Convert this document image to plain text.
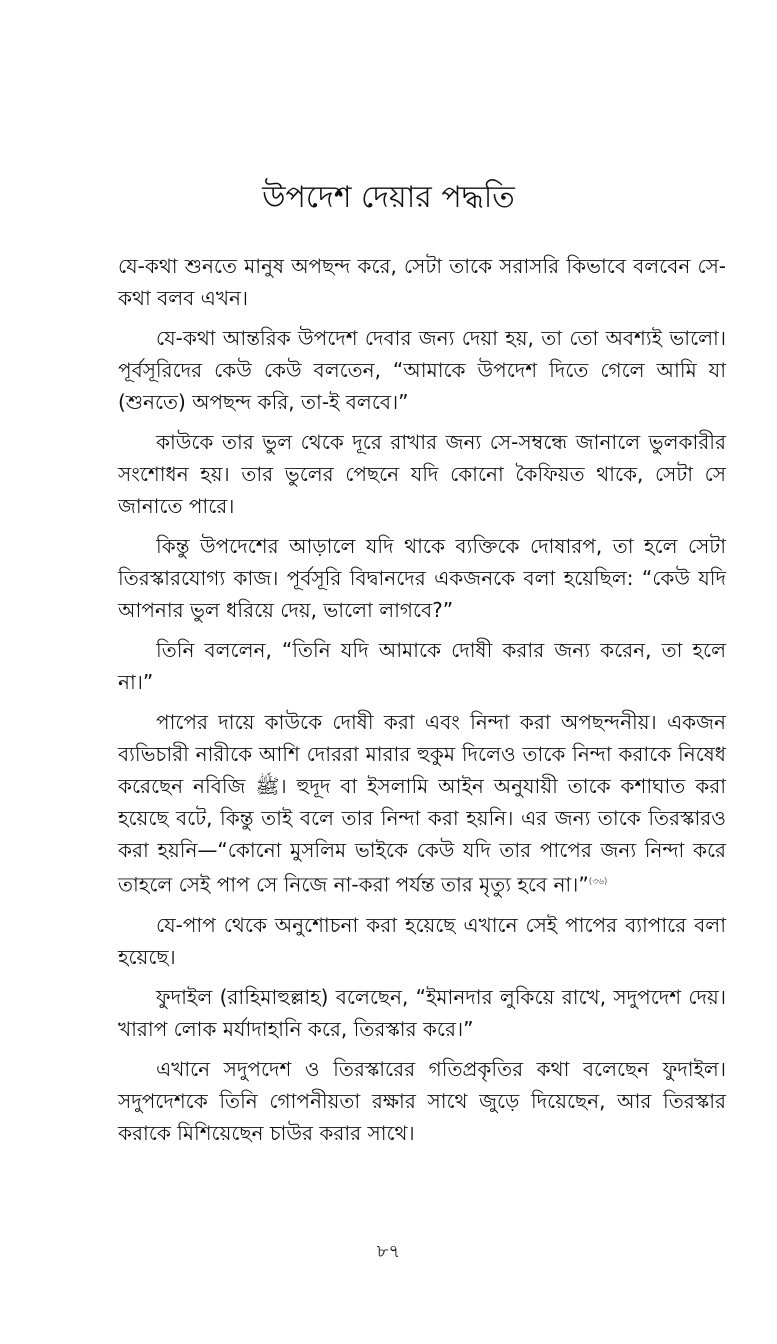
উপদেশ দেয়ার পদ্ধতি

যে-কথা শুনতে মানুষ অপছন্দ করে, সেটা তাকে সরাসরি কিভাবে বলবেন সে-কথা বলব এখন।

যে-কথা আন্তরিক উপদেশ দেবার জন্য দেয়া হয়, তা তো অবশ্যই ভালো। পূর্বসূরিদের কেউ কেউ বলতেন, “আমাকে উপদেশ দিতে গেলে আমি যা (শুনতে) অপছন্দ করি, তা-ই বলবে।”

কাউকে তার ভুল থেকে দূরে রাখার জন্য সে-সম্বন্ধে জানালে ভুলকারীর সংশোধন হয়। তার ভুলের পেছনে যদি কোনো কৈফিয়ত থাকে, সেটা সে জানাতে পারে।

কিন্তু উপদেশের আড়ালে যদি থাকে ব্যক্তিকে দোষারপ, তা হলে সেটা তিরস্কারযোগ্য কাজ। পূর্বসূরি বিদ্বানদের একজনকে বলা হয়েছিল: “কেউ যদি আপনার ভুল ধরিয়ে দেয়, ভালো লাগবে?”

তিনি বললেন, “তিনি যদি আমাকে দোষী করার জন্য করেন, তা হলে না।”

পাপের দায়ে কাউকে দোষী করা এবং নিন্দা করা অপছন্দনীয়। একজন ব্যভিচারী নারীকে আশি দোররা মারার হুকুম দিলেও তাকে নিন্দা করাকে নিষেধ করেছেন নবিজি ﷺ। হুদূদ বা ইসলামি আইন অনুযায়ী তাকে কশাঘাত করা হয়েছে বটে, কিন্তু তাই বলে তার নিন্দা করা হয়নি। এর জন্য তাকে তিরস্কারও করা হয়নি—“কোনো মুসলিম ভাইকে কেউ যদি তার পাপের জন্য নিন্দা করে তাহলে সেই পাপ সে নিজে না-করা পর্যন্ত তার মৃত্যু হবে না।”$^{(৩৬)}$

যে-পাপ থেকে অনুশোচনা করা হয়েছে এখানে সেই পাপের ব্যাপারে বলা হয়েছে।

ফুদাইল (রাহিমাহুল্লাহ) বলেছেন, “ইমানদার লুকিয়ে রাখে, সদুপদেশ দেয়। খারাপ লোক মর্যাদাহানি করে, তিরস্কার করে।”

এখানে সদুপদেশ ও তিরস্কারের গতিপ্রকৃতির কথা বলেছেন ফুদাইল। সদুপদেশকে তিনি গোপনীয়তা রক্ষার সাথে জুড়ে দিয়েছেন, আর তিরস্কার করাকে মিশিয়েছেন চাউর করার সাথে।

৮৭
